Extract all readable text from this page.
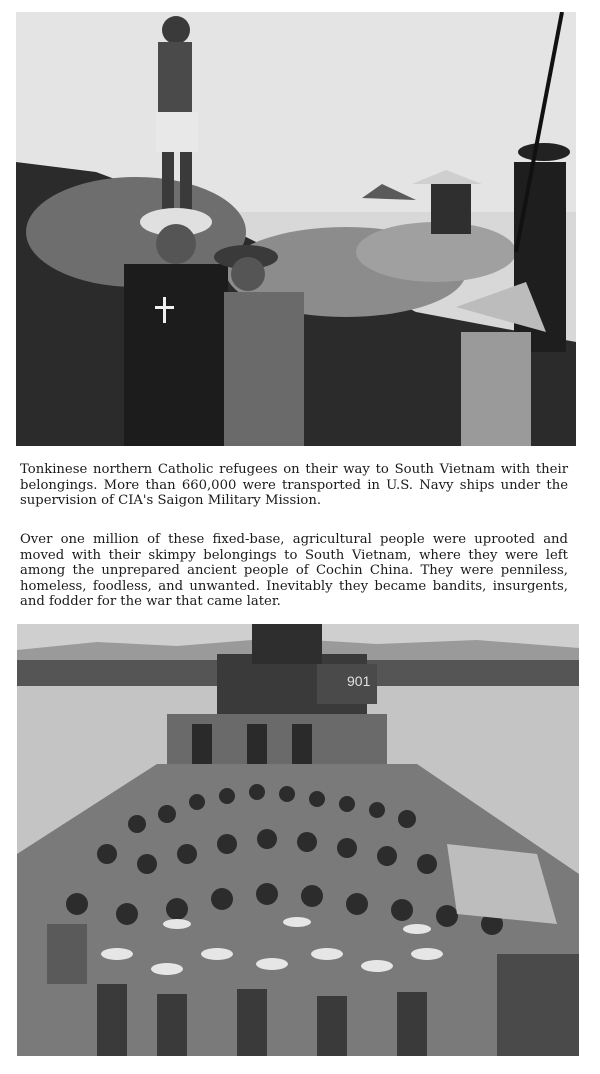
Tonkinese northern Catholic refugees on their way to South Vietnam with their belongings. More than 660,000 were transported in U.S. Navy ships under the supervision of CIA's Saigon Military Mission.

Over one million of these fixed-base, agricultural people were uprooted and moved with their skimpy belongings to South Vietnam, where they were left among the unprepared ancient people of Cochin China. They were penniless, homeless, foodless, and unwanted. Inevitably they became bandits, insurgents, and fodder for the war that came later.

901
